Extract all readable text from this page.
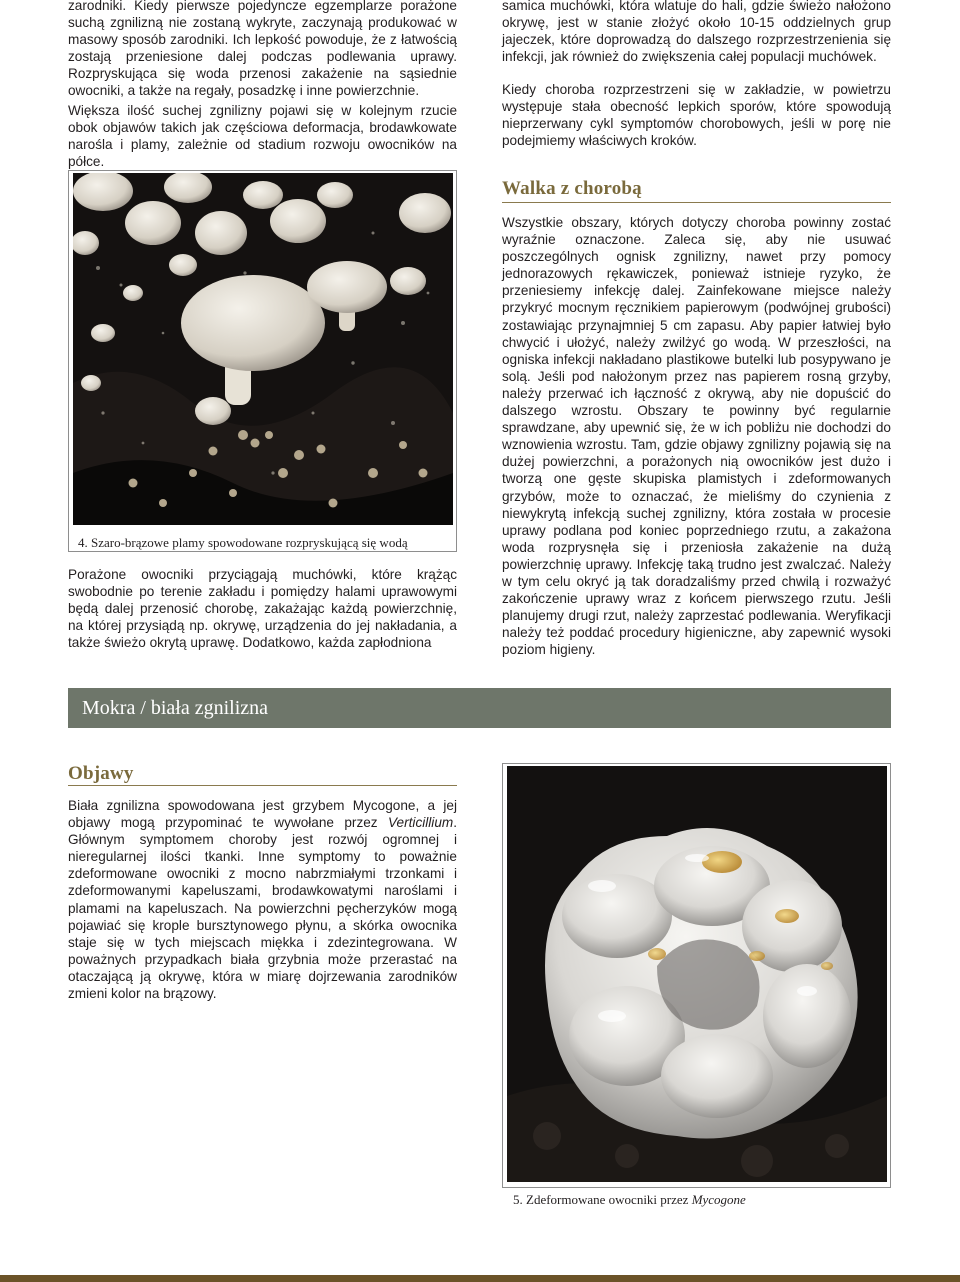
zarodniki. Kiedy pierwsze pojedyncze egzemplarze porażone suchą zgnilizną nie zostaną wykryte, zaczynają produkować w masowy sposób zarodniki. Ich lepkość powoduje, że z łatwością zostają przeniesione dalej podczas podlewania uprawy. Rozpryskująca się woda przenosi zakażenie na sąsiednie owocniki, a także na regały, posadzkę i inne powierzchnie.

Większa ilość suchej zgnilizny pojawi się w kolejnym rzucie obok objawów takich jak częściowa deformacja, brodawkowate narośla i plamy, zależnie od stadium rozwoju owocników na półce.

4. Szaro-brązowe plamy spowodowane rozpryskującą się wodą

Porażone owocniki przyciągają muchówki, które krążąc swobodnie po terenie zakładu i pomiędzy halami uprawowymi będą dalej przenosić chorobę, zakażając każdą powierzchnię, na której przysiądą np. okrywę, urządzenia do jej nakładania, a także świeżo okrytą uprawę. Dodatkowo, każda zapłodniona

samica muchówki, która wlatuje do hali, gdzie świeżo nałożono okrywę, jest w stanie złożyć około 10-15 oddzielnych grup jajeczek, które doprowadzą do dalszego rozprzestrzenienia się infekcji, jak również do zwiększenia całej populacji muchówek.

Kiedy choroba rozprzestrzeni się w zakładzie, w powietrzu występuje stała obecność lepkich sporów, które spowodują nieprzerwany cykl symptomów chorobowych, jeśli w porę nie podejmiemy właściwych kroków.

Walka z chorobą

Wszystkie obszary, których dotyczy choroba powinny zostać wyraźnie oznaczone. Zaleca się, aby nie usuwać poszczególnych ognisk zgnilizny, nawet przy pomocy jednorazowych rękawiczek, ponieważ istnieje ryzyko, że przeniesiemy infekcję dalej. Zainfekowane miejsce należy przykryć mocnym ręcznikiem papierowym (podwójnej grubości) zostawiając przynajmniej 5 cm zapasu. Aby papier łatwiej było chwycić i ułożyć, należy zwilżyć go wodą. W przeszłości, na ogniska infekcji nakładano plastikowe butelki lub posypywano je solą. Jeśli pod nałożonym przez nas papierem rosną grzyby, należy przerwać ich łączność z okrywą, aby nie dopuścić do dalszego wzrostu. Obszary te powinny być regularnie sprawdzane, aby upewnić się, że w ich pobliżu nie dochodzi do wznowienia wzrostu. Tam, gdzie objawy zgnilizny pojawią się na dużej powierzchni, a porażonych nią owocników jest dużo i tworzą one gęste skupiska plamistych i zdeformowanych grzybów, może to oznaczać, że mieliśmy do czynienia z niewykrytą infekcją suchej zgnilizny, która została w procesie uprawy podlana pod koniec poprzedniego rzutu, a zakażona woda rozprysnęła się i przeniosła zakażenie na dużą powierzchnię uprawy. Infekcję taką trudno jest zwalczać. Należy w tym celu okryć ją tak doradzaliśmy przed chwilą i rozważyć zakończenie uprawy wraz z końcem pierwszego rzutu. Jeśli planujemy drugi rzut, należy zaprzestać podlewania. Weryfikacji należy też poddać procedury higieniczne, aby zapewnić wysoki poziom higieny.

Mokra / biała zgnilizna
Objawy

Biała zgnilizna spowodowana jest grzybem Mycogone, a jej objawy mogą przypominać te wywołane przez Verticillium. Głównym symptomem choroby jest rozwój ogromnej i nieregularnej ilości tkanki. Inne symptomy to poważnie zdeformowane owocniki z mocno nabrzmiałymi trzonkami i zdeformowanymi kapeluszami, brodawkowatymi naroślami i plamami na kapeluszach. Na powierzchni pęcherzyków mogą pojawiać się krople bursztynowego płynu, a skórka owocnika staje się w tych miejscach miękka i zdezintegrowana. W poważnych przypadkach biała grzybnia może przerastać na otaczającą ją okrywę, która w miarę dojrzewania zarodników zmieni kolor na brązowy.

5. Zdeformowane owocniki przez Mycogone
